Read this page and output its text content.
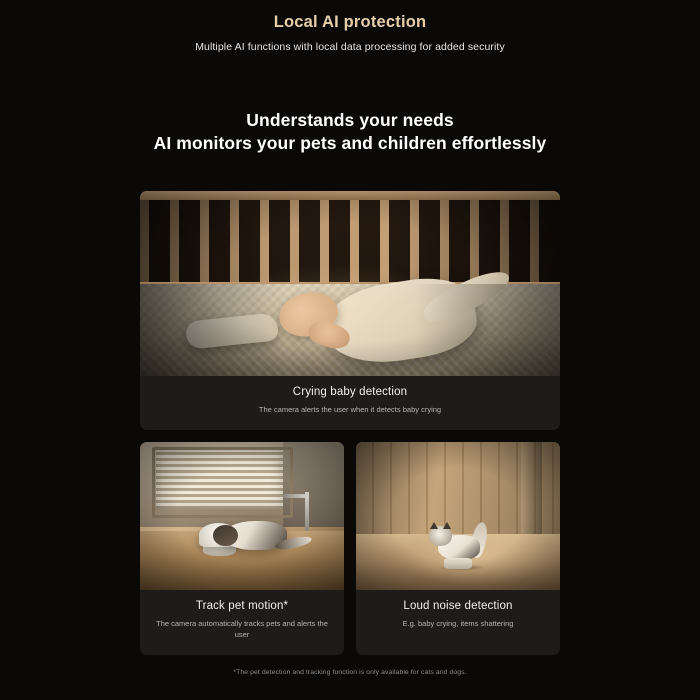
Local AI protection
Multiple AI functions with local data processing for added security
Understands your needs
AI monitors your pets and children effortlessly
Crying baby detection
The camera alerts the user when it detects baby crying
Track pet motion*
The camera automatically tracks pets and alerts the user
Loud noise detection
E.g. baby crying, items shattering
*The pet detection and tracking function is only available for cats and dogs.
